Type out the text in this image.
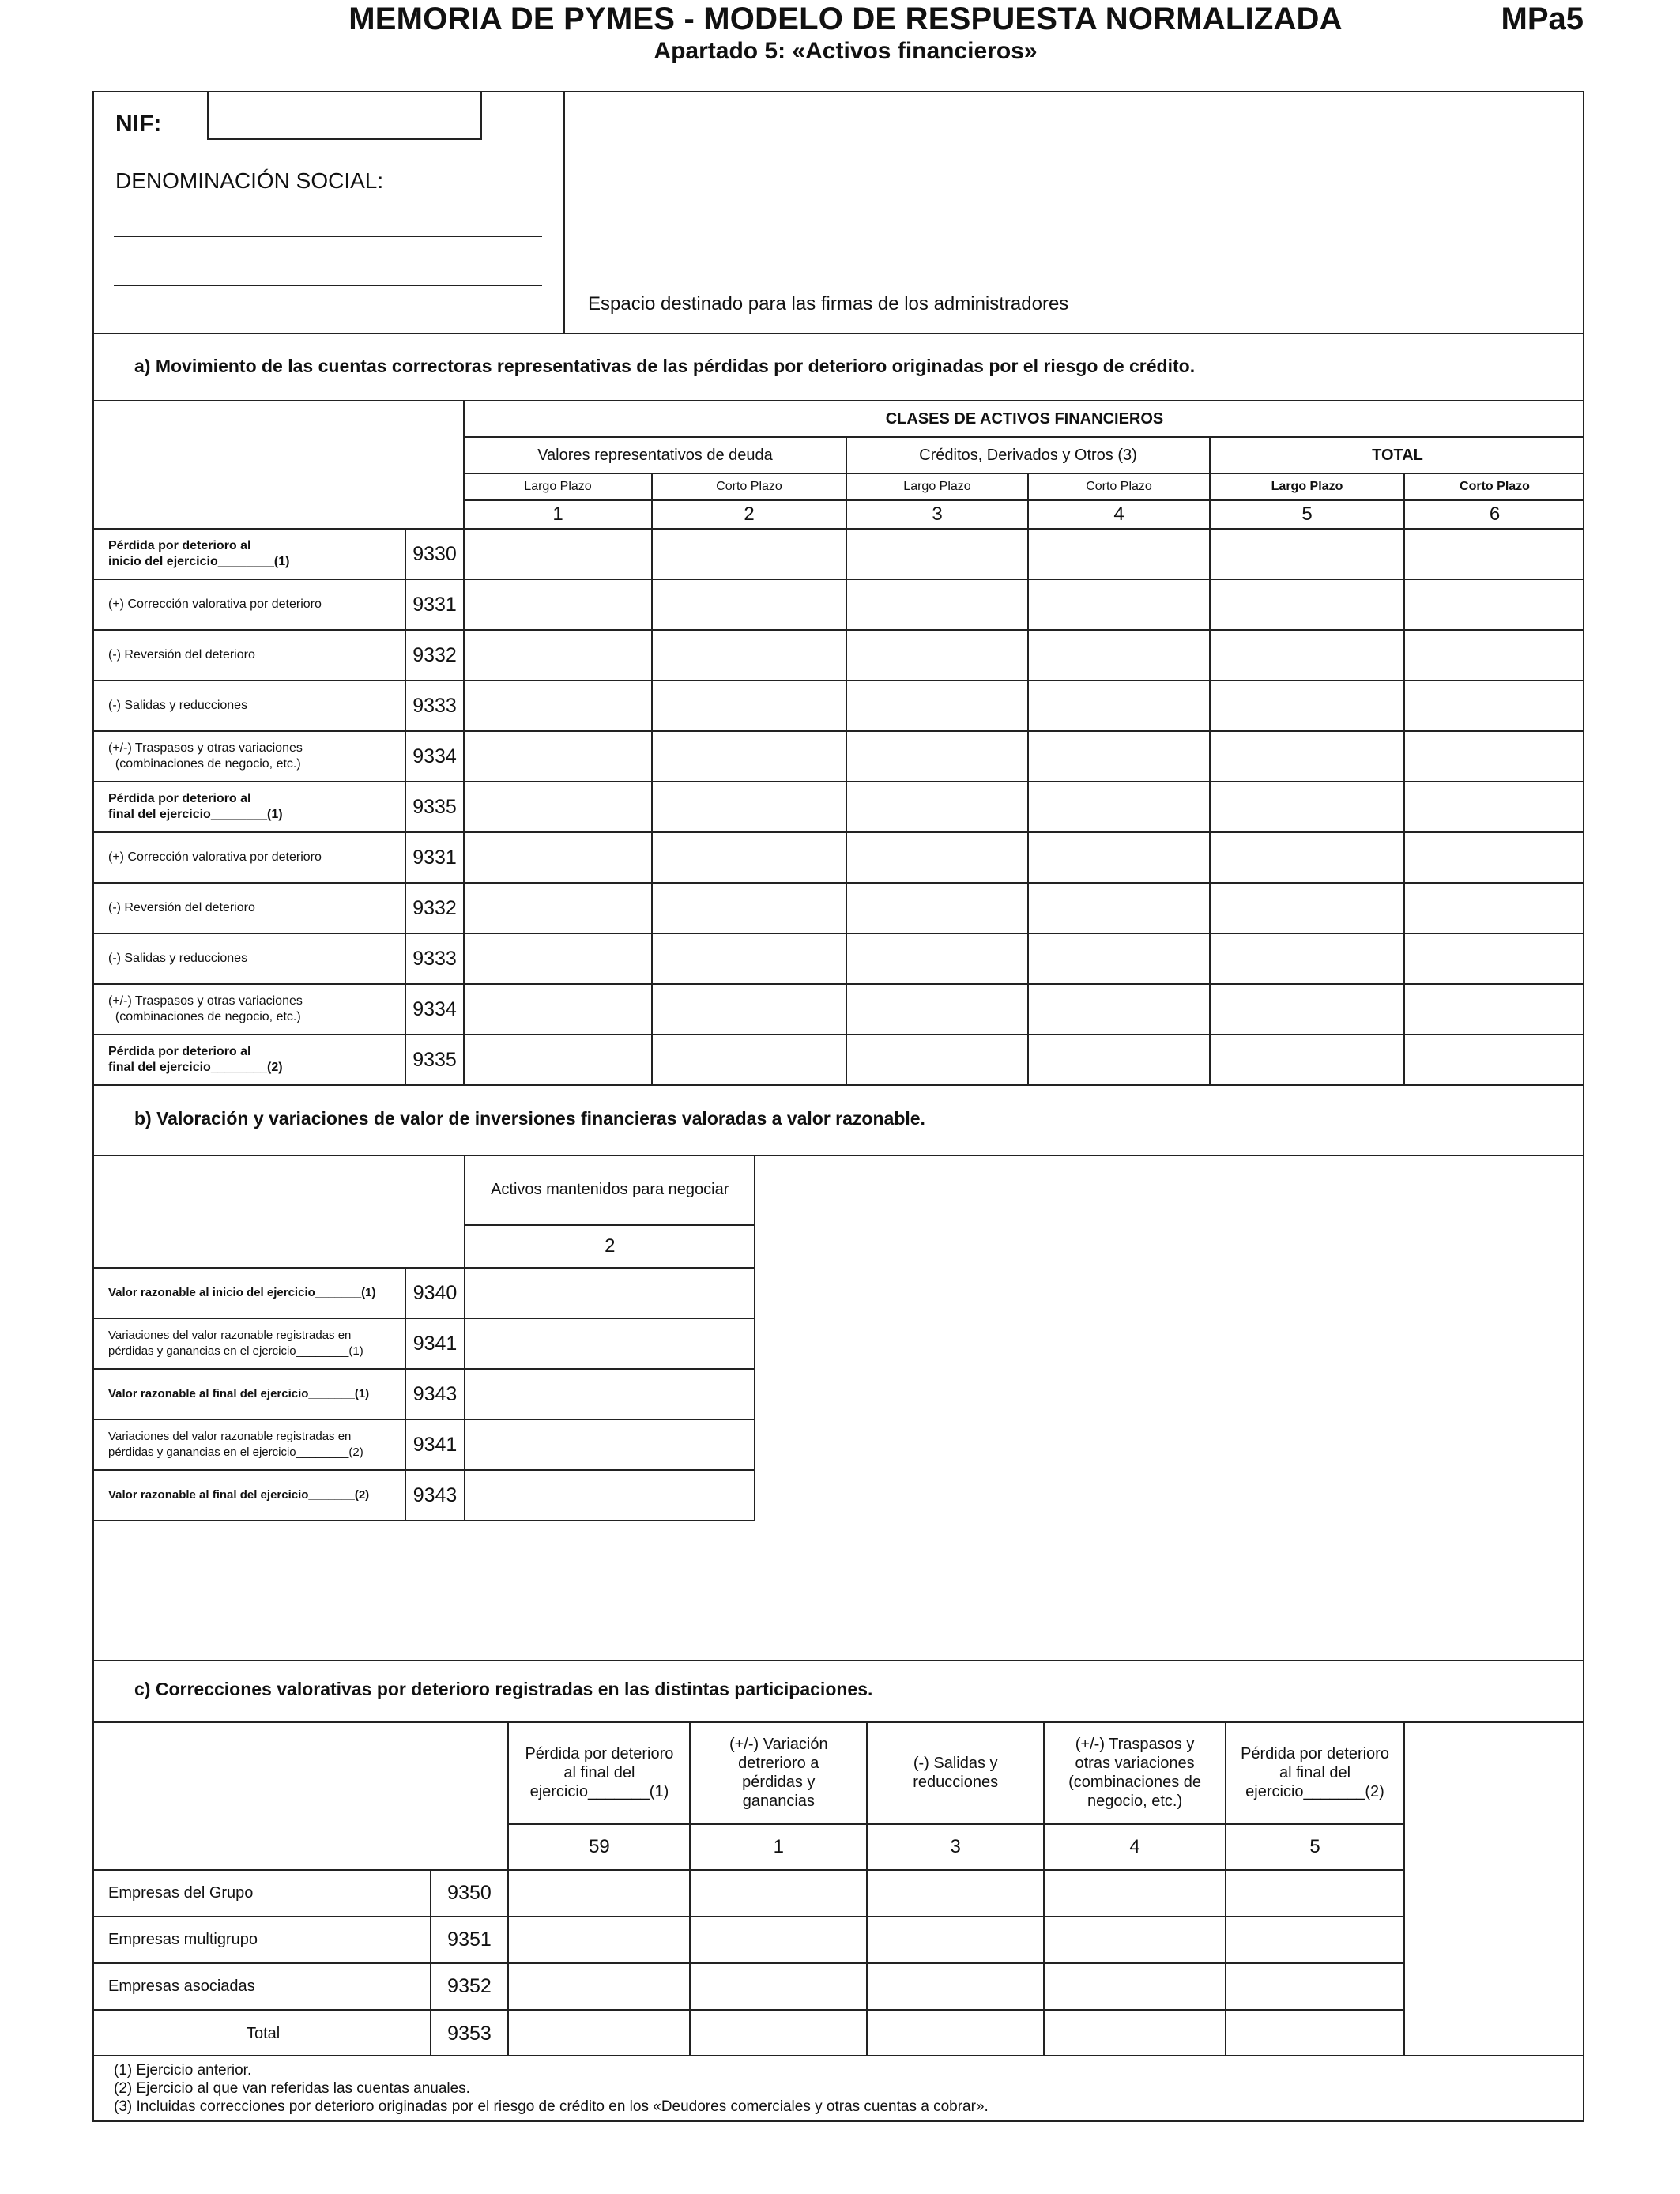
MEMORIA DE PYMES - MODELO DE RESPUESTA NORMALIZADA
Apartado 5: «Activos financieros»
MPa5
NIF:
DENOMINACIÓN SOCIAL:
Espacio destinado para las firmas de los administradores
a) Movimiento de las cuentas correctoras representativas de las pérdidas por deterioro originadas por el riesgo de crédito.
		CLASES DE ACTIVOS FINANCIEROS					
		Valores representativos de deuda		Créditos, Derivados y Otros (3)		TOTAL	
		Largo Plazo	Corto Plazo	Largo Plazo	Corto Plazo	Largo Plazo	Corto Plazo
		1	2	3	4	5	6

Pérdida por deterioro al
inicio del ejercicio________(1)	9330						

(+) Corrección valorativa por deterioro	9331						

(-) Reversión del deterioro	9332						

(-) Salidas y reducciones	9333						

(+/-) Traspasos y otras variaciones
(combinaciones de negocio, etc.)	9334						

Pérdida por deterioro al
final del ejercicio________(1)	9335						

(+) Corrección valorativa por deterioro	9331						

(-) Reversión del deterioro	9332						

(-) Salidas y reducciones	9333						

(+/-) Traspasos y otras variaciones
(combinaciones de negocio, etc.)	9334						

Pérdida por deterioro al
final del ejercicio________(2)	9335						
b) Valoración y variaciones de valor de inversiones financieras valoradas a valor razonable.
		Activos mantenidos para negociar
		2

Valor razonable al inicio del ejercicio_______(1)	9340	

Variaciones del valor razonable registradas en
pérdidas y ganancias en el ejercicio________(1)	9341	

Valor razonable al final del ejercicio_______(1)	9343	

Variaciones del valor razonable registradas en
pérdidas y ganancias en el ejercicio________(2)	9341	

Valor razonable al final del ejercicio_______(2)	9343	
c) Correcciones valorativas por deterioro registradas en las distintas participaciones.
		Pérdida por deterioro al final del ejercicio_______(1)	(+/-) Variación detrerioro a pérdidas y ganancias	(-) Salidas y reducciones	(+/-) Traspasos y otras variaciones (combinaciones de negocio, etc.)	Pérdida por deterioro al final del ejercicio_______(2)
		59	1	3	4	5
Empresas del Grupo	9350					
Empresas multigrupo	9351					
Empresas asociadas	9352					
Total	9353					
(1) Ejercicio anterior.
(2) Ejercicio al que van referidas las cuentas anuales.
(3) Incluidas correcciones por deterioro originadas por el riesgo de crédito en los «Deudores comerciales y otras cuentas a cobrar».
